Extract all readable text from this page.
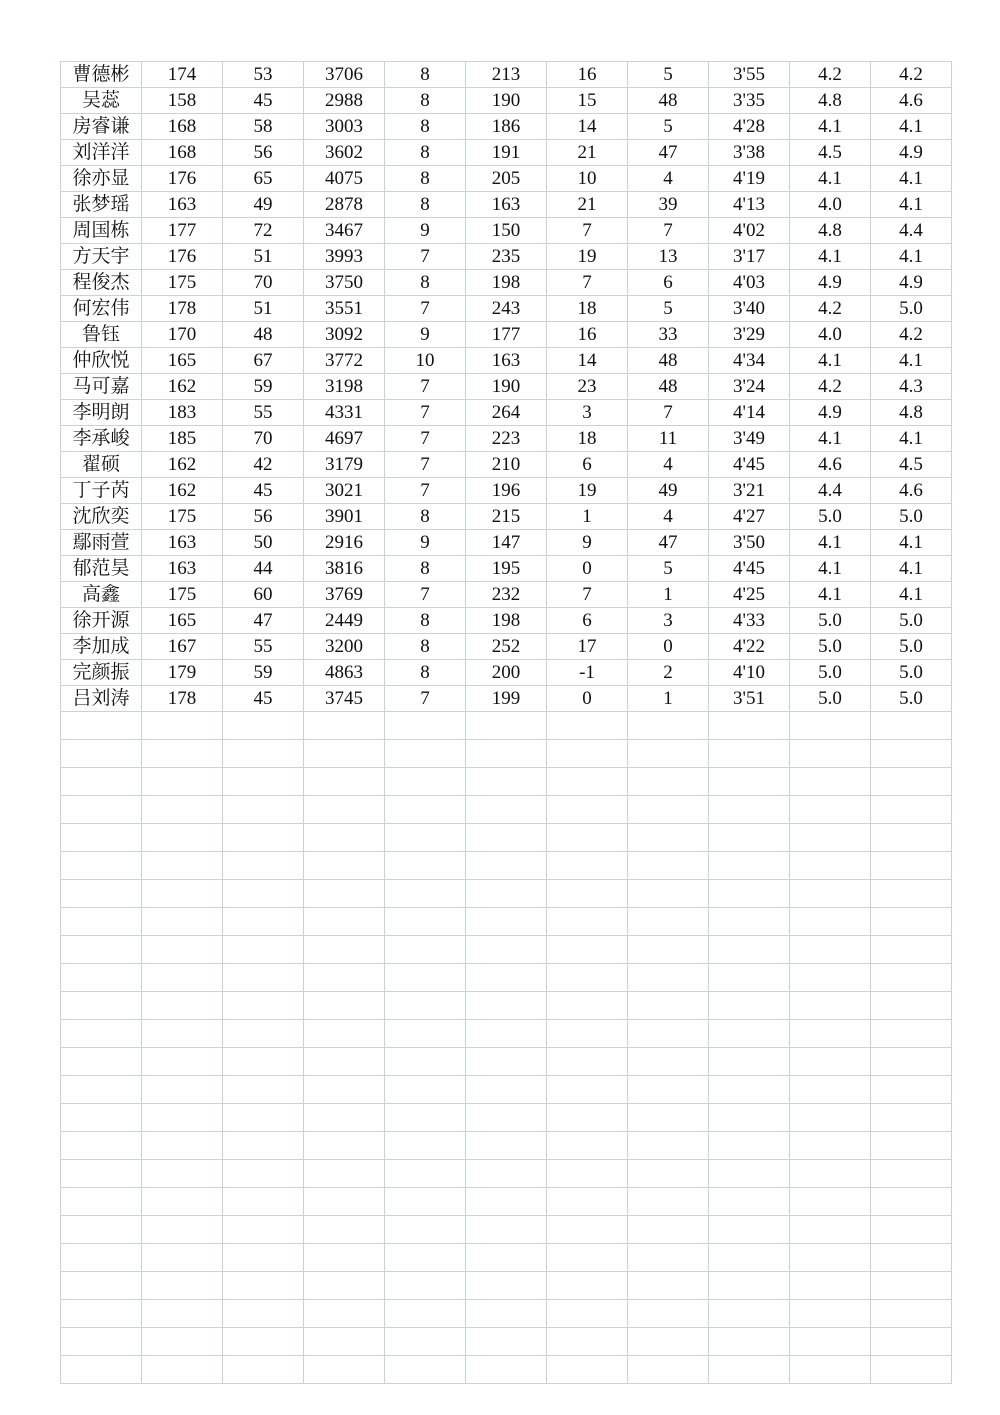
曹德彬	174	53	3706	8	213	16	5	3'55	4.2	4.2
吴蕊	158	45	2988	8	190	15	48	3'35	4.8	4.6
房睿谦	168	58	3003	8	186	14	5	4'28	4.1	4.1
刘洋洋	168	56	3602	8	191	21	47	3'38	4.5	4.9
徐亦显	176	65	4075	8	205	10	4	4'19	4.1	4.1
张梦瑶	163	49	2878	8	163	21	39	4'13	4.0	4.1
周国栋	177	72	3467	9	150	7	7	4'02	4.8	4.4
方天宇	176	51	3993	7	235	19	13	3'17	4.1	4.1
程俊杰	175	70	3750	8	198	7	6	4'03	4.9	4.9
何宏伟	178	51	3551	7	243	18	5	3'40	4.2	5.0
鲁钰	170	48	3092	9	177	16	33	3'29	4.0	4.2
仲欣悦	165	67	3772	10	163	14	48	4'34	4.1	4.1
马可嘉	162	59	3198	7	190	23	48	3'24	4.2	4.3
李明朗	183	55	4331	7	264	3	7	4'14	4.9	4.8
李承峻	185	70	4697	7	223	18	11	3'49	4.1	4.1
翟硕	162	42	3179	7	210	6	4	4'45	4.6	4.5
丁子芮	162	45	3021	7	196	19	49	3'21	4.4	4.6
沈欣奕	175	56	3901	8	215	1	4	4'27	5.0	5.0
鄢雨萱	163	50	2916	9	147	9	47	3'50	4.1	4.1
郁范昊	163	44	3816	8	195	0	5	4'45	4.1	4.1
高鑫	175	60	3769	7	232	7	1	4'25	4.1	4.1
徐开源	165	47	2449	8	198	6	3	4'33	5.0	5.0
李加成	167	55	3200	8	252	17	0	4'22	5.0	5.0
完颜振	179	59	4863	8	200	-1	2	4'10	5.0	5.0
吕刘涛	178	45	3745	7	199	0	1	3'51	5.0	5.0
